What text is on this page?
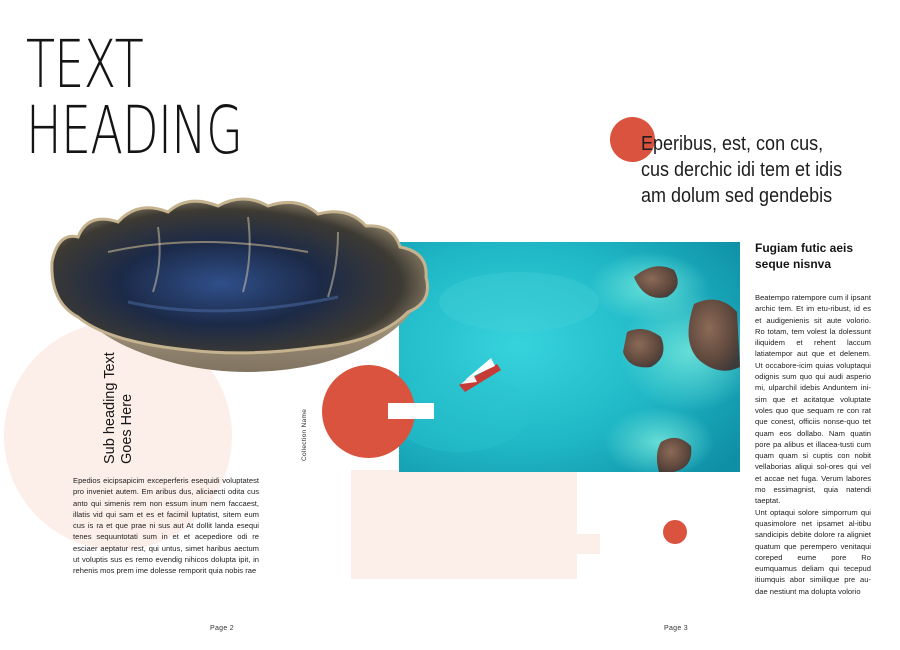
TEXT
HEADING
Sub heading Text Goes Here	Collection Name
Epedios eicipsapicim exceperferis esequidi voluptatest pro inveniet autem. Em aribus dus, aliciaecti odita cus anto qui simenis rem non essum inum nem faccaest, illatis vid qui sam et es et facimil luptatist, sitem eum cus is ra et que prae ni sus aut At dollit landa esequi tenes sequuntotati sum in et et acepediore odi re esciaer aeptatur rest, qui untus, simet haribus aectum ut voluptis sus es remo evendig nihicos dolupta ipit, in rehenis mos prem ime dolesse remporit quia nobis rae
Eperibus, est, con cus,
cus derchic idi tem et idis
am dolum sed gendebis
Fugiam futic aeis
seque nisnva

Beatempo ratempore cum il ipsant archic tem. Et im etu-ribust, id es et audigenienis sit aute volorio. Ro totam, tem volest la dolessunt iliquidem et rehent laccum latiatempor aut que et delenem. Ut occabore-icim quias voluptaqui odignis sum quo qui audi asperio mi, ulparchil idebis Anduntem ini-sim que et acitatque voluptate voles quo que sequam re con rat que conest, officiis nonse-quo tet quam eos dollabo. Nam quatin pore pa alibus et illacea-tusti cum quam quam si cuptis con nobit vellaborias aliqui sol-ores qui vel et accae net fuga. Verum labores mo essimagnist, quia natendi taeptat.

Unt optaqui solore simporrum qui quasimolore net ipsamet al-itibu sandicipis debite dolore ra aligniet quatum que perempero venitaqui coreped eume pore Ro eumquamus deliam qui tecepud itiumquis abor similique pre au-dae nestiunt ma dolupta volorio

Page 2	Page 3
